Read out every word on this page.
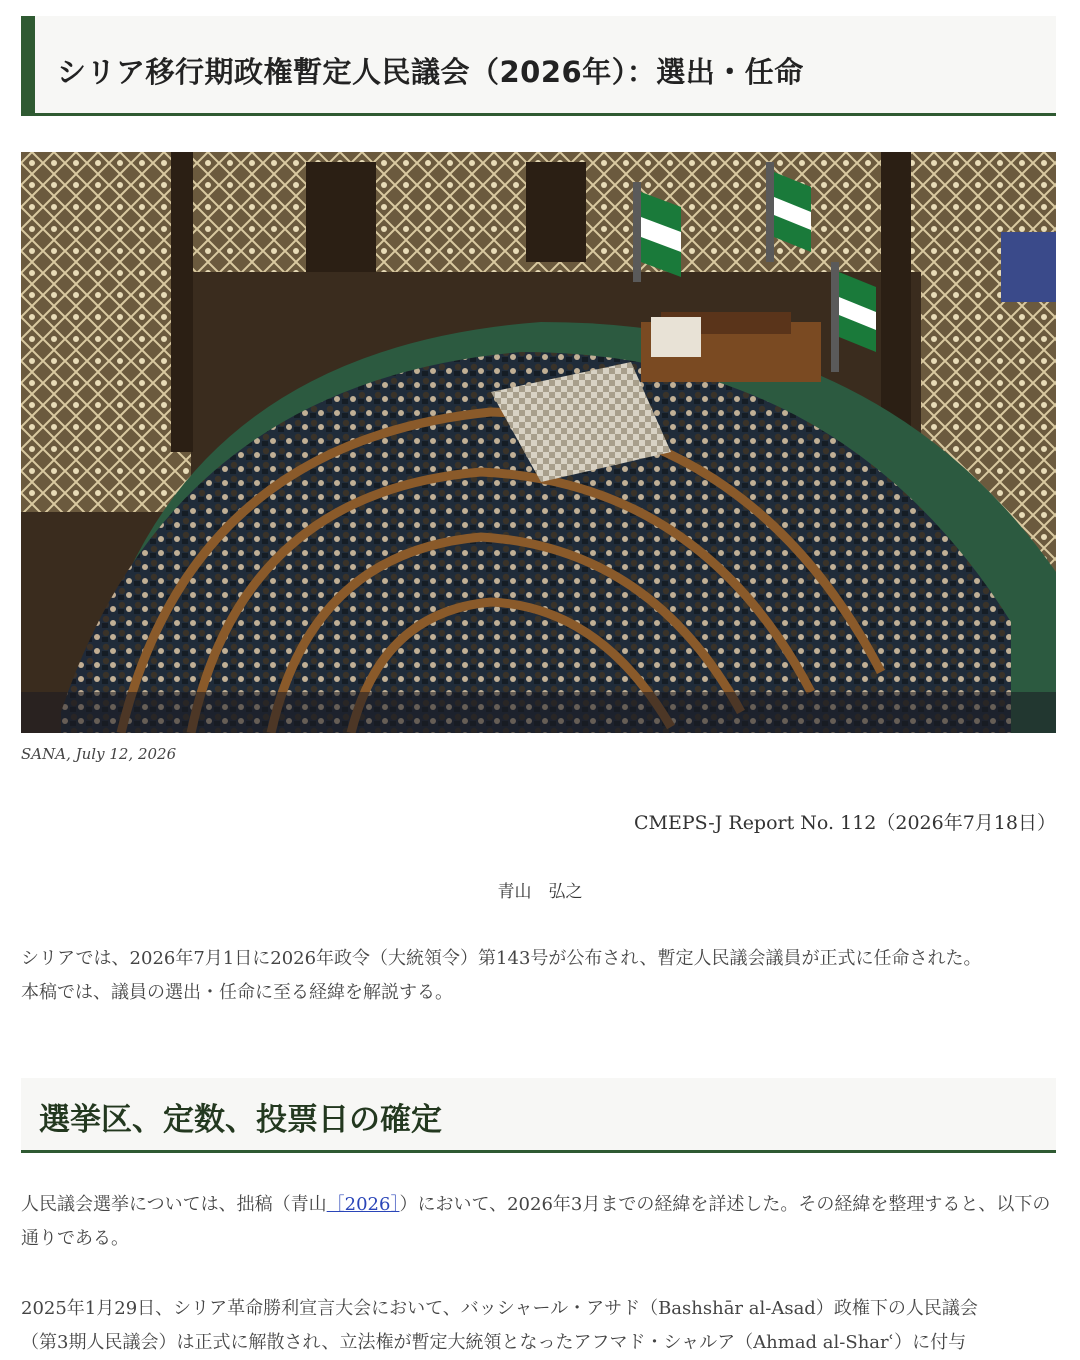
シリア移行期政権暫定人民議会（2026年）：選出・任命
SANA, July 12, 2026
CMEPS-J Report No. 112（2026年7月18日）
青山　弘之

シリアでは、2026年7月1日に2026年政令（大統領令）第143号が公布され、暫定人民議会議員が正式に任命された。
本稿では、議員の選出・任命に至る経緯を解説する。

選挙区、定数、投票日の確定

人民議会選挙については、拙稿（青山［2026］）において、2026年3月までの経緯を詳述した。その経緯を整理すると、以下の通りである。

2025年1月29日、シリア革命勝利宣言大会において、バッシャール・アサド（Bashshār al-Asad）政権下の人民議会
（第3期人民議会）は正式に解散され、立法権が暫定大統領となったアフマド・シャルア（Ahmad al-Sharʿ）に付与
